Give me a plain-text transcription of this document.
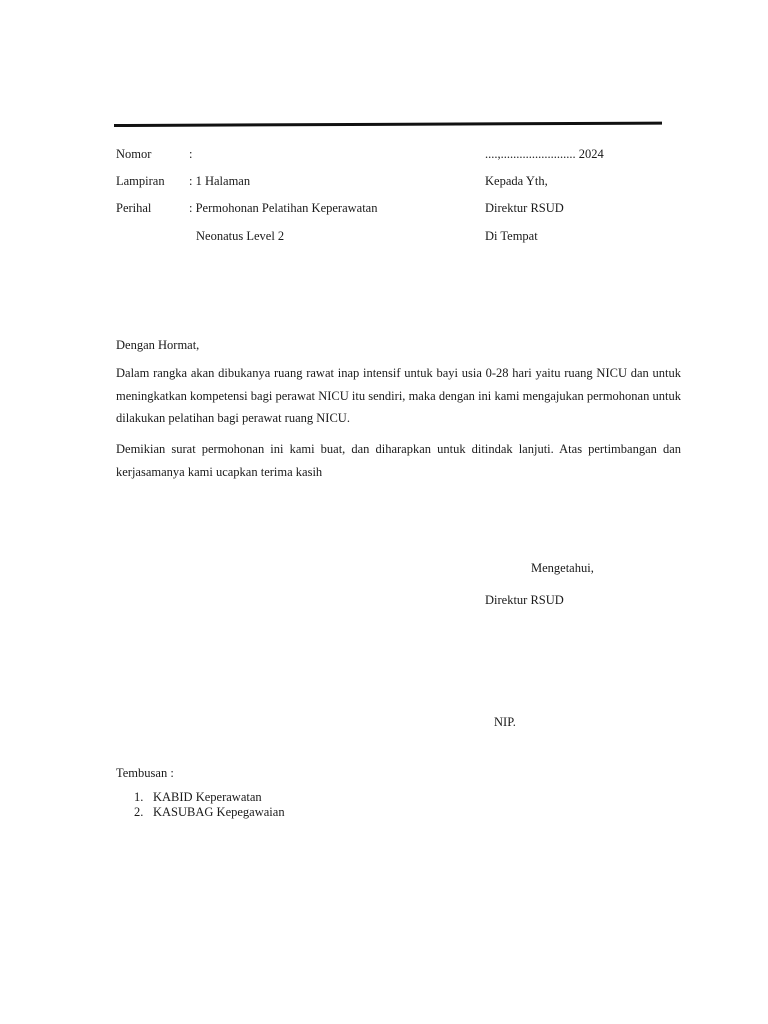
Nomor	:
Lampiran : 1 Halaman
Perihal	: Permohonan Pelatihan Keperawatan
Neonatus Level 2
....,........................ 2024
Kepada Yth,
Direktur RSUD
Di Tempat
Dengan Hormat,
Dalam rangka akan dibukanya ruang rawat inap intensif untuk bayi usia 0-28 hari yaitu ruang NICU dan untuk meningkatkan kompetensi bagi perawat NICU itu sendiri, maka dengan ini kami mengajukan permohonan untuk dilakukan pelatihan bagi perawat ruang NICU.
Demikian surat permohonan ini kami buat, dan diharapkan untuk ditindak lanjuti. Atas pertimbangan dan kerjasamanya kami ucapkan terima kasih
Mengetahui,
Direktur RSUD
NIP.
Tembusan :
1. KABID Keperawatan
2. KASUBAG Kepegawaian
